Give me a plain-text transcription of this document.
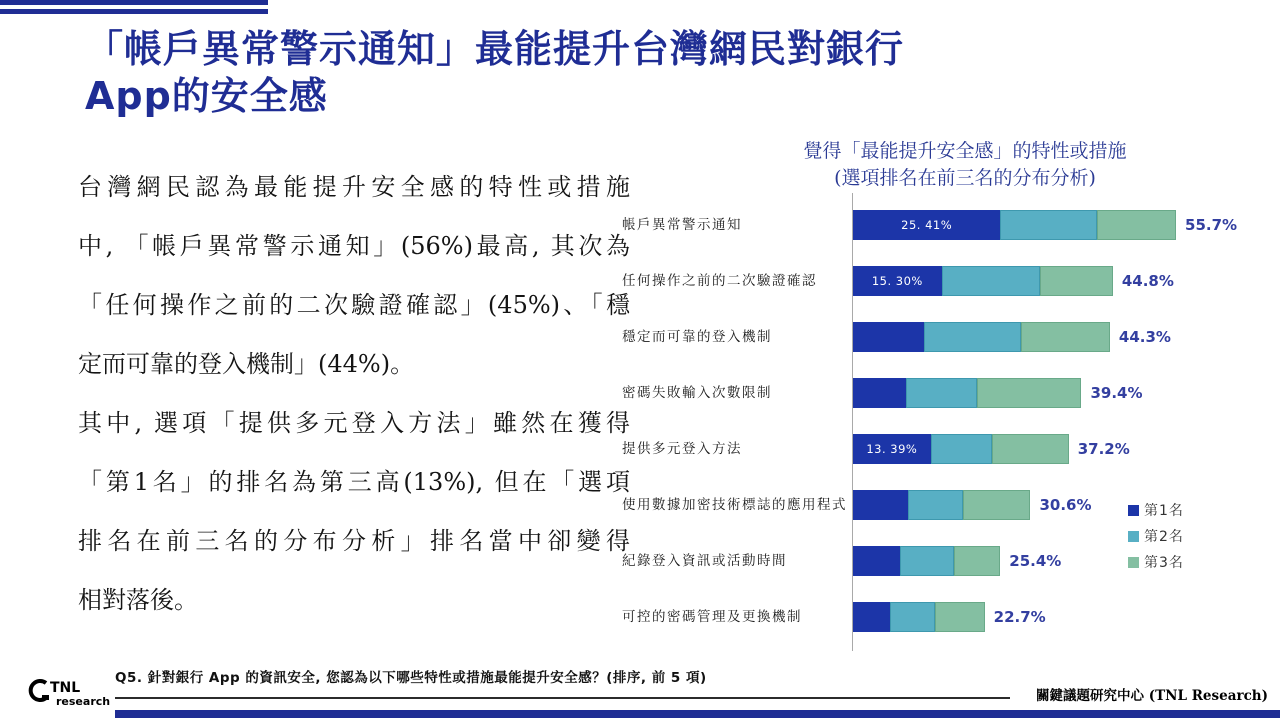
「帳戶異常警示通知」最能提升台灣網民對銀行
App的安全感
台灣網民認為最能提升安全感的特性或措施
中, 「帳戶異常警示通知」(56%)最高, 其次為
「任何操作之前的二次驗證確認」(45%)、「穩
定而可靠的登入機制」(44%)。
其中, 選項「提供多元登入方法」雖然在獲得
「第1名」的排名為第三高(13%), 但在「選項
排名在前三名的分布分析」排名當中卻變得
相對落後。
覺得「最能提升安全感」的特性或措施
(選項排名在前三名的分布分析)
帳戶異常警示通知	25. 41%	55.7%
任何操作之前的二次驗證確認	15. 30%	44.8%
穩定而可靠的登入機制	44.3%
密碼失敗輸入次數限制	39.4%
提供多元登入方法	13. 39%	37.2%
使用數據加密技術標誌的應用程式	30.6%
紀錄登入資訊或活動時間	25.4%
可控的密碼管理及更換機制	22.7%
第1名
第2名
第3名
Q5. 針對銀行 App 的資訊安全, 您認為以下哪些特性或措施最能提升安全感？(排序, 前 5 項)
關鍵議題研究中心 (TNL Research)
TNL
research
